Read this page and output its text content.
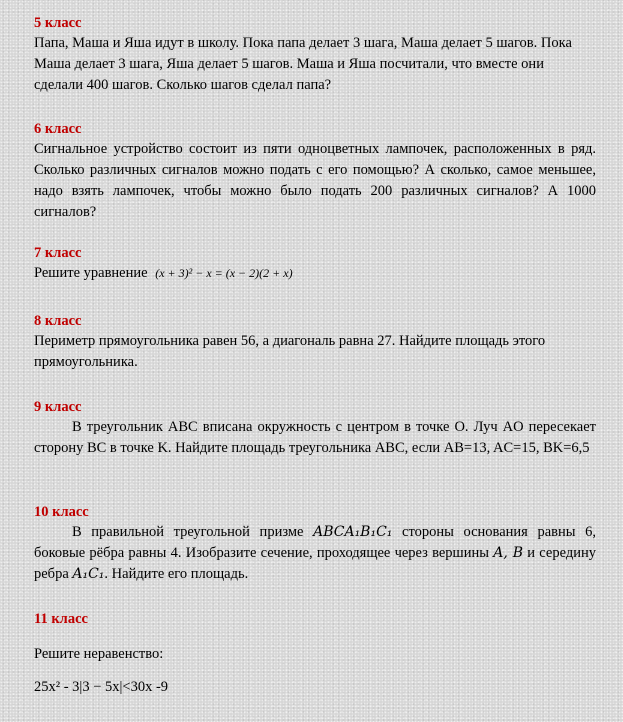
5 класс

Папа, Маша и Яша идут в школу. Пока папа делает 3 шага, Маша делает 5 шагов. Пока Маша делает 3 шага, Яша делает 5 шагов. Маша и Яша посчитали, что вместе они сделали 400 шагов. Сколько шагов сделал папа?

6 класс

Сигнальное устройство состоит из пяти одноцветных лампочек, расположенных в ряд. Сколько различных сигналов можно подать с его помощью? А сколько, самое меньшее, надо взять лампочек, чтобы можно было подать 200 различных сигналов? А 1000 сигналов?

7 класс

Решите уравнение (x + 3)² − x = (x − 2)(2 + x)

8 класс

Периметр прямоугольника равен 56, а диагональ равна 27. Найдите площадь этого прямоугольника.

9 класс

В треугольник ABC вписана окружность с центром в точке O. Луч AO пересекает сторону BC в точке K. Найдите площадь треугольника ABC, если AB=13, AC=15, BK=6,5

10 класс

В правильной треугольной призме ABCA₁B₁C₁ стороны основания равны 6, боковые рёбра равны 4. Изобразите сечение, проходящее через вершины A, B и середину ребра A₁C₁. Найдите его площадь.

11 класс

Решите неравенство:

25x² - 3|3 − 5x|<30x -9
